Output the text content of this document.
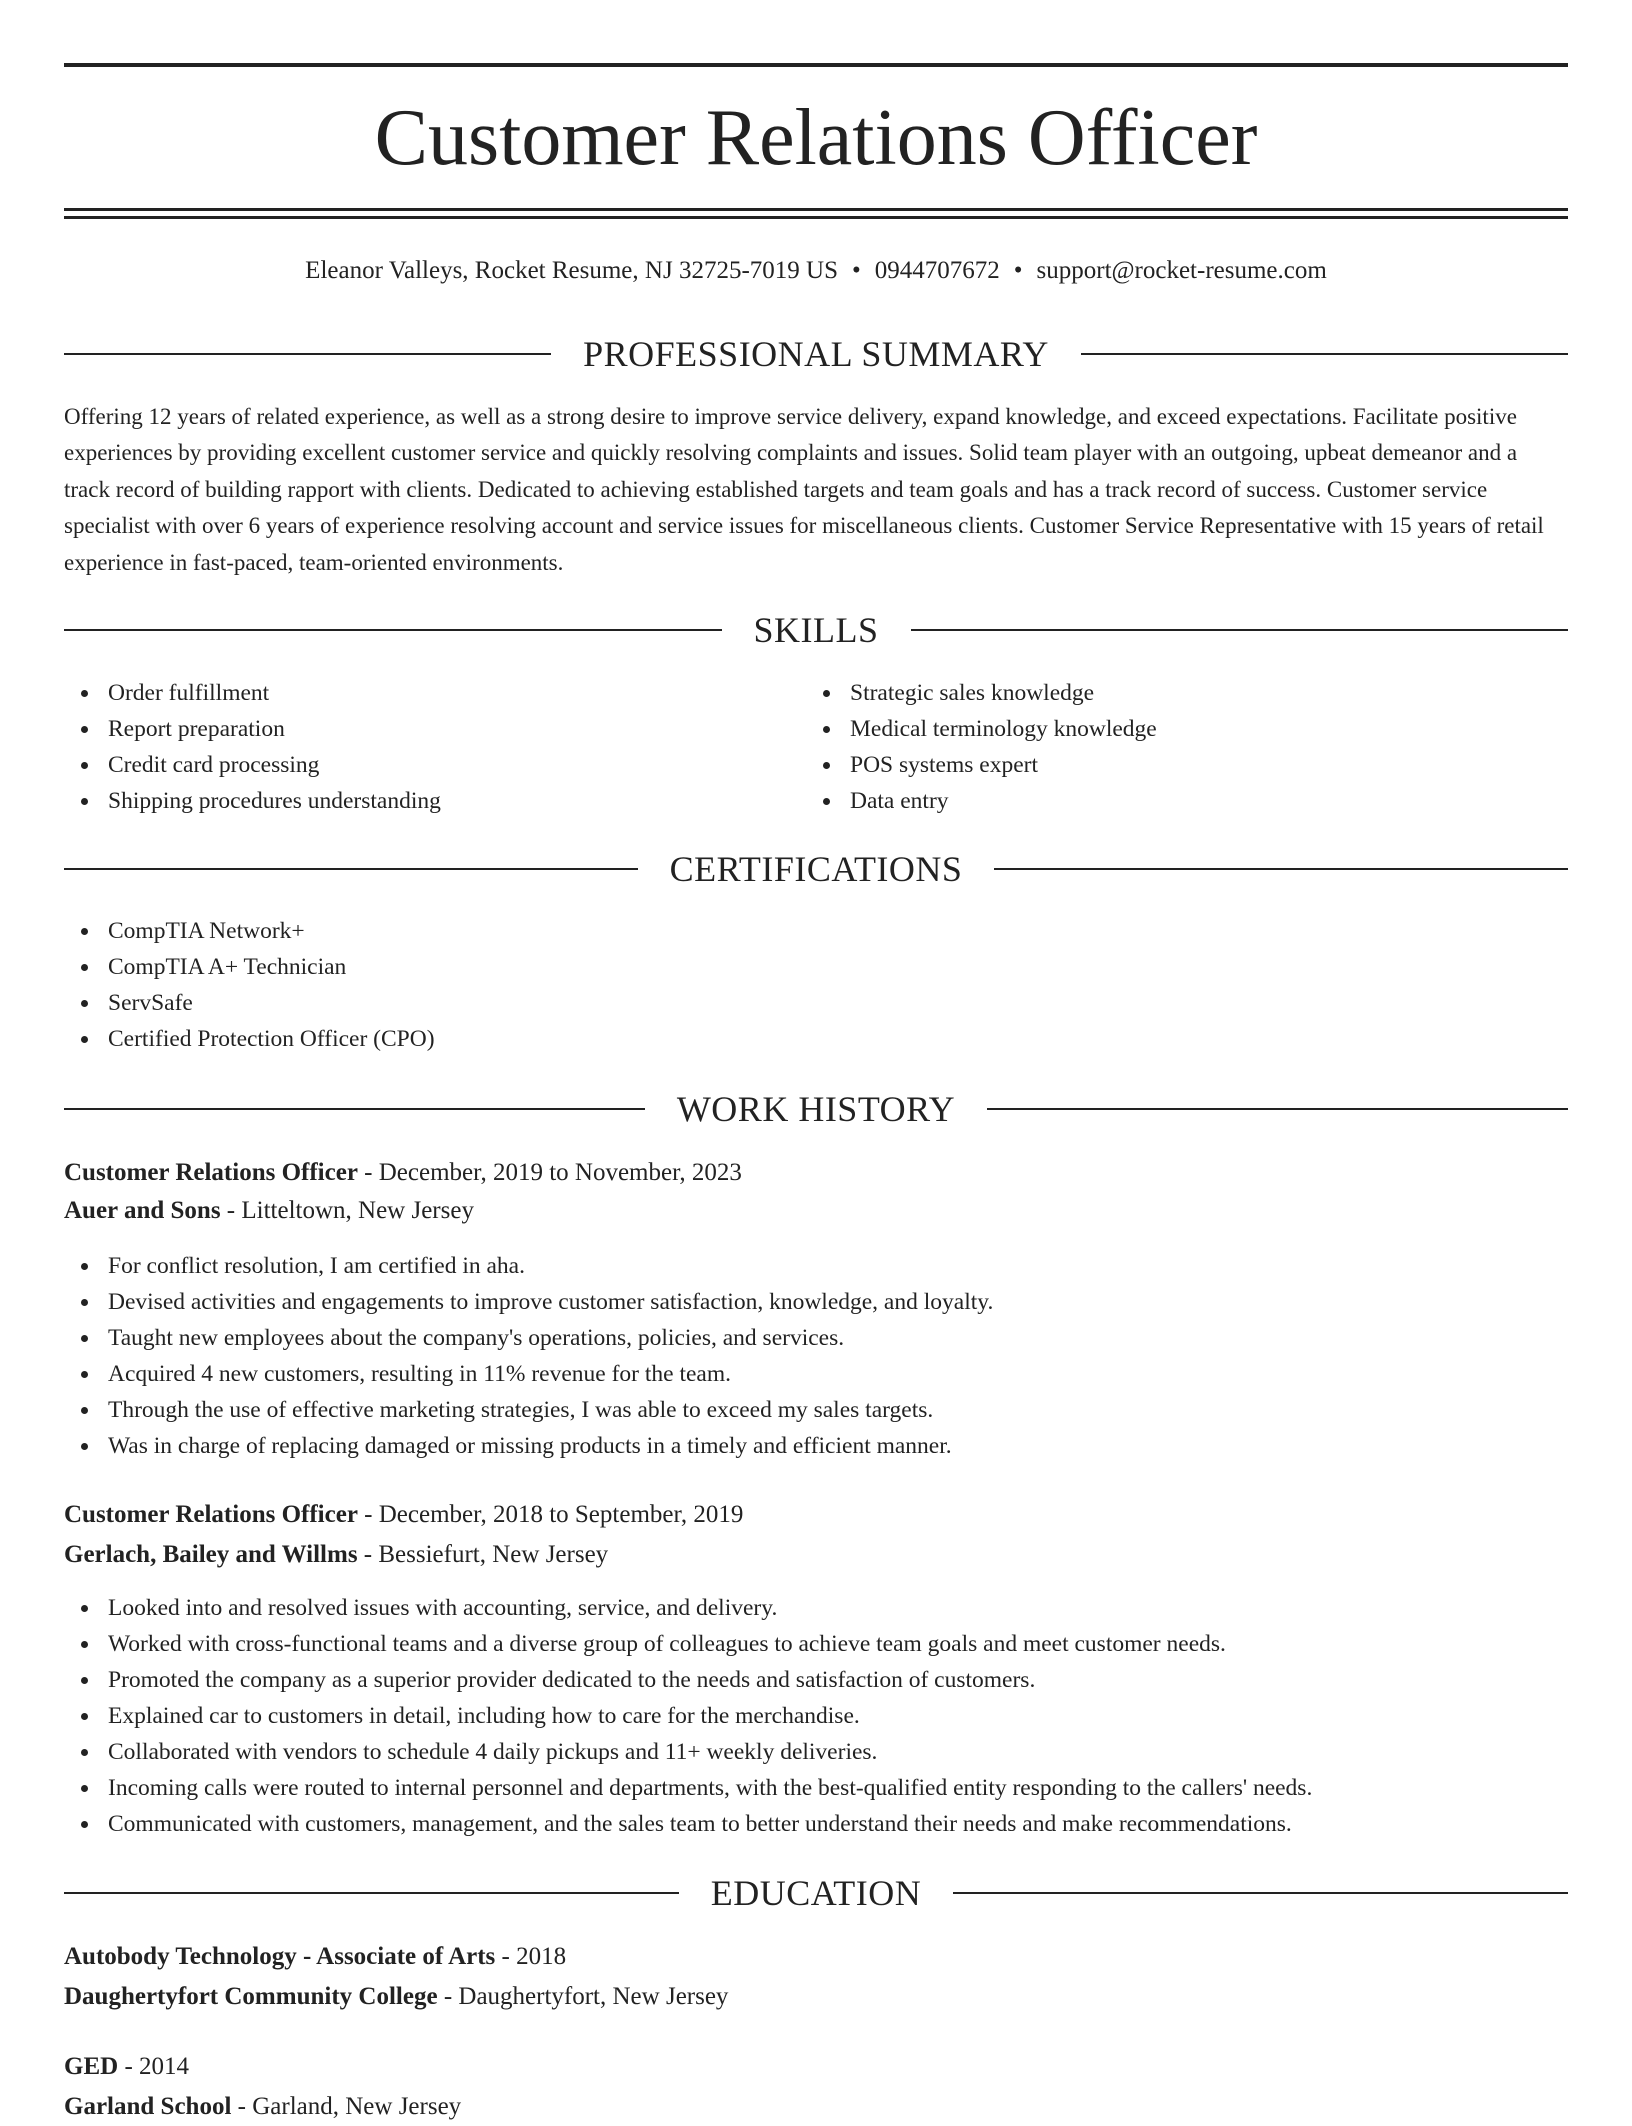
Customer Relations Officer
Eleanor Valleys, Rocket Resume, NJ 32725-7019 US • 0944707672 • support@rocket-resume.com
PROFESSIONAL SUMMARY

Offering 12 years of related experience, as well as a strong desire to improve service delivery, expand knowledge, and exceed expectations. Facilitate positive experiences by providing excellent customer service and quickly resolving complaints and issues. Solid team player with an outgoing, upbeat demeanor and a track record of building rapport with clients. Dedicated to achieving established targets and team goals and has a track record of success. Customer service specialist with over 6 years of experience resolving account and service issues for miscellaneous clients. Customer Service Representative with 15 years of retail experience in fast-paced, team-oriented environments.

SKILLS
Order fulfillment
Report preparation
Credit card processing
Shipping procedures understanding
Strategic sales knowledge
Medical terminology knowledge
POS systems expert
Data entry
CERTIFICATIONS
CompTIA Network+
CompTIA A+ Technician
ServSafe
Certified Protection Officer (CPO)
WORK HISTORY
Customer Relations Officer - December, 2019 to November, 2023
Auer and Sons - Litteltown, New Jersey
For conflict resolution, I am certified in aha.
Devised activities and engagements to improve customer satisfaction, knowledge, and loyalty.
Taught new employees about the company's operations, policies, and services.
Acquired 4 new customers, resulting in 11% revenue for the team.
Through the use of effective marketing strategies, I was able to exceed my sales targets.
Was in charge of replacing damaged or missing products in a timely and efficient manner.
Customer Relations Officer - December, 2018 to September, 2019
Gerlach, Bailey and Willms - Bessiefurt, New Jersey
Looked into and resolved issues with accounting, service, and delivery.
Worked with cross-functional teams and a diverse group of colleagues to achieve team goals and meet customer needs.
Promoted the company as a superior provider dedicated to the needs and satisfaction of customers.
Explained car to customers in detail, including how to care for the merchandise.
Collaborated with vendors to schedule 4 daily pickups and 11+ weekly deliveries.
Incoming calls were routed to internal personnel and departments, with the best-qualified entity responding to the callers' needs.
Communicated with customers, management, and the sales team to better understand their needs and make recommendations.
EDUCATION
Autobody Technology - Associate of Arts - 2018
Daughertyfort Community College - Daughertyfort, New Jersey
GED - 2014
Garland School - Garland, New Jersey
